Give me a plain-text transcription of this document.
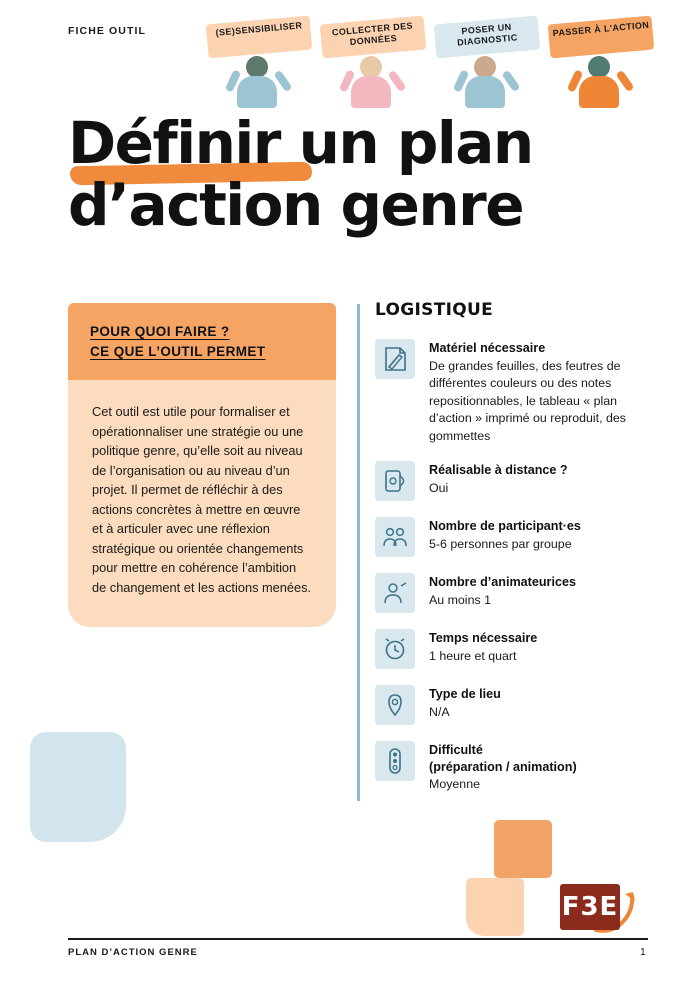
FICHE OUTIL	(SE)SENSIBILISER	COLLECTER DES DONNÉES
POSER UN DIAGNOSTIC
PASSER À L'ACTION
Définir un plan
d’action genre
POUR QUOI FAIRE ?
CE QUE L’OUTIL PERMET
Cet outil est utile pour formaliser et opérationnaliser une stratégie ou une politique genre, qu’elle soit au niveau de l’organisation ou au niveau d’un projet. Il permet de réfléchir à des actions concrètes à mettre en œuvre et à articuler avec une réflexion stratégique ou orientée changements pour mettre en cohérence l’ambition de changement et les actions menées.
LOGISTIQUE
Matériel nécessaire
De grandes feuilles, des feutres de différentes couleurs ou des notes repositionnables, le tableau « plan d’action » imprimé ou reproduit, des gommettes
Réalisable à distance ?
Oui
Nombre de participant·es
5-6 personnes par groupe
Nombre d’animateurices
Au moins 1
Temps nécessaire
1 heure et quart
Type de lieu
N/A
Difficulté
(préparation / animation)
Moyenne
F3E
PLAN D’ACTION GENRE	1
